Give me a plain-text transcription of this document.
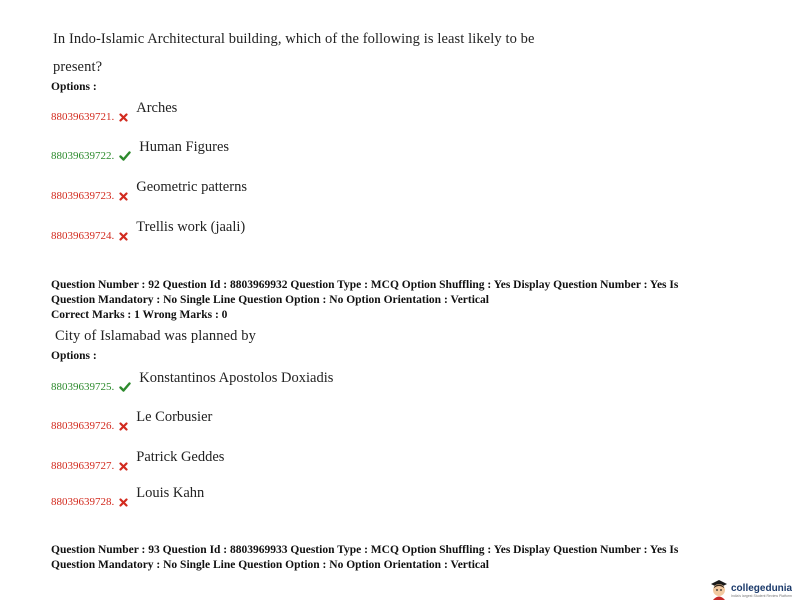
In Indo-Islamic Architectural building, which of the following is least likely to be
present?
Options :
88039639721.
Arches
88039639722.
Human Figures
88039639723.
Geometric patterns
88039639724.
Trellis work (jaali)
Question Number : 92 Question Id : 8803969932 Question Type : MCQ Option Shuffling : Yes Display Question Number : Yes Is
Question Mandatory : No Single Line Question Option : No Option Orientation : Vertical
Correct Marks : 1 Wrong Marks : 0
City of Islamabad was planned by
Options :
88039639725.
Konstantinos Apostolos Doxiadis
88039639726.
Le Corbusier
88039639727.
Patrick Geddes
88039639728.
Louis Kahn
Question Number : 93 Question Id : 8803969933 Question Type : MCQ Option Shuffling : Yes Display Question Number : Yes Is
Question Mandatory : No Single Line Question Option : No Option Orientation : Vertical
collegedunia
India's largest Student Review Platform
